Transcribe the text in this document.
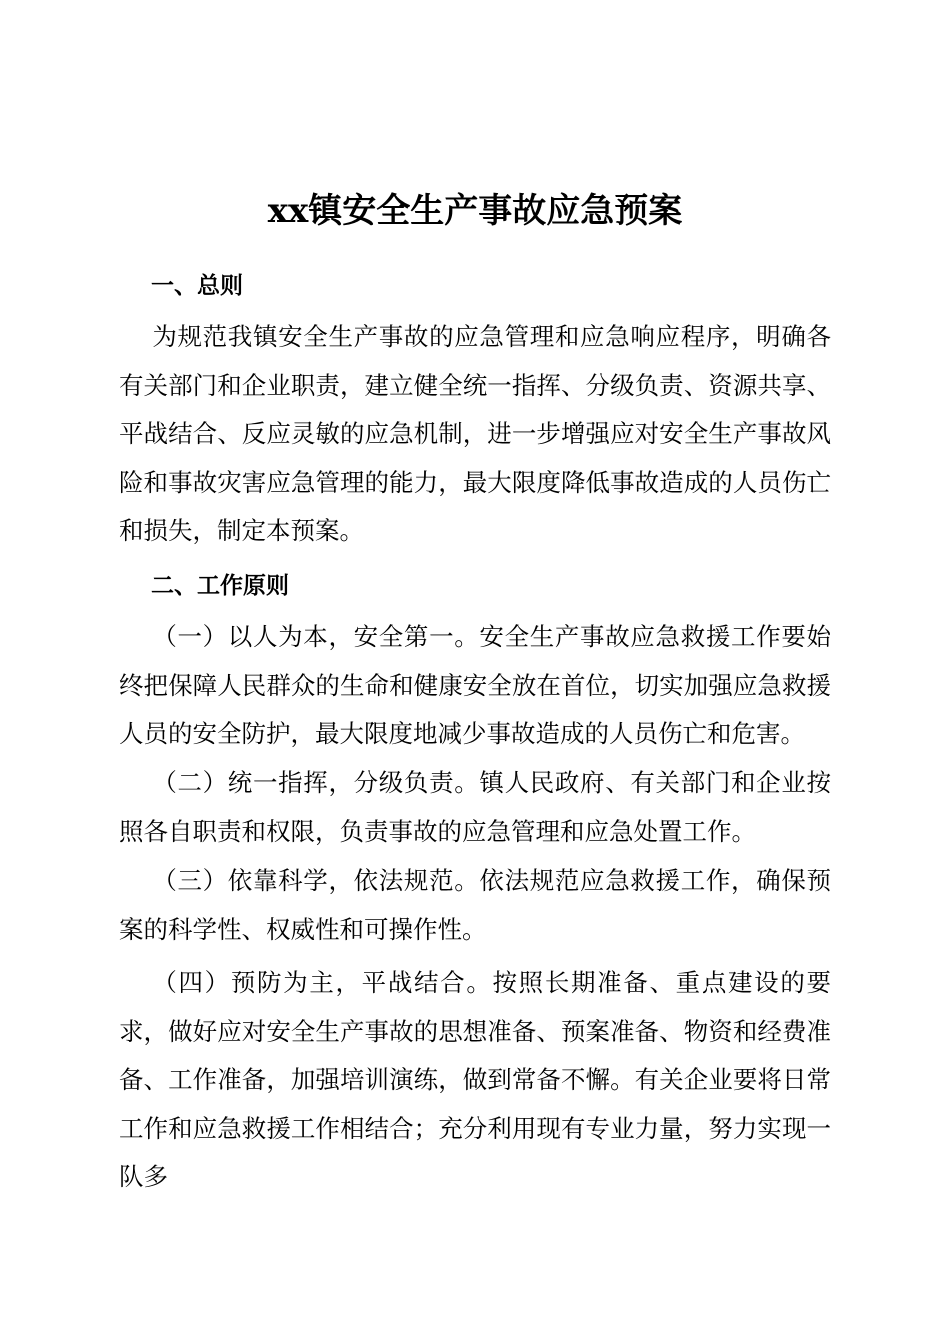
xx镇安全生产事故应急预案
一、总则

为规范我镇安全生产事故的应急管理和应急响应程序，明确各有关部门和企业职责，建立健全统一指挥、分级负责、资源共享、平战结合、反应灵敏的应急机制，进一步增强应对安全生产事故风险和事故灾害应急管理的能力，最大限度降低事故造成的人员伤亡和损失，制定本预案。

二、工作原则

（一）以人为本，安全第一。安全生产事故应急救援工作要始终把保障人民群众的生命和健康安全放在首位，切实加强应急救援人员的安全防护，最大限度地减少事故造成的人员伤亡和危害。

（二）统一指挥，分级负责。镇人民政府、有关部门和企业按照各自职责和权限，负责事故的应急管理和应急处置工作。

（三）依靠科学，依法规范。依法规范应急救援工作，确保预案的科学性、权威性和可操作性。

（四）预防为主，平战结合。按照长期准备、重点建设的要求，做好应对安全生产事故的思想准备、预案准备、物资和经费准备、工作准备，加强培训演练，做到常备不懈。有关企业要将日常工作和应急救援工作相结合；充分利用现有专业力量，努力实现一队多
